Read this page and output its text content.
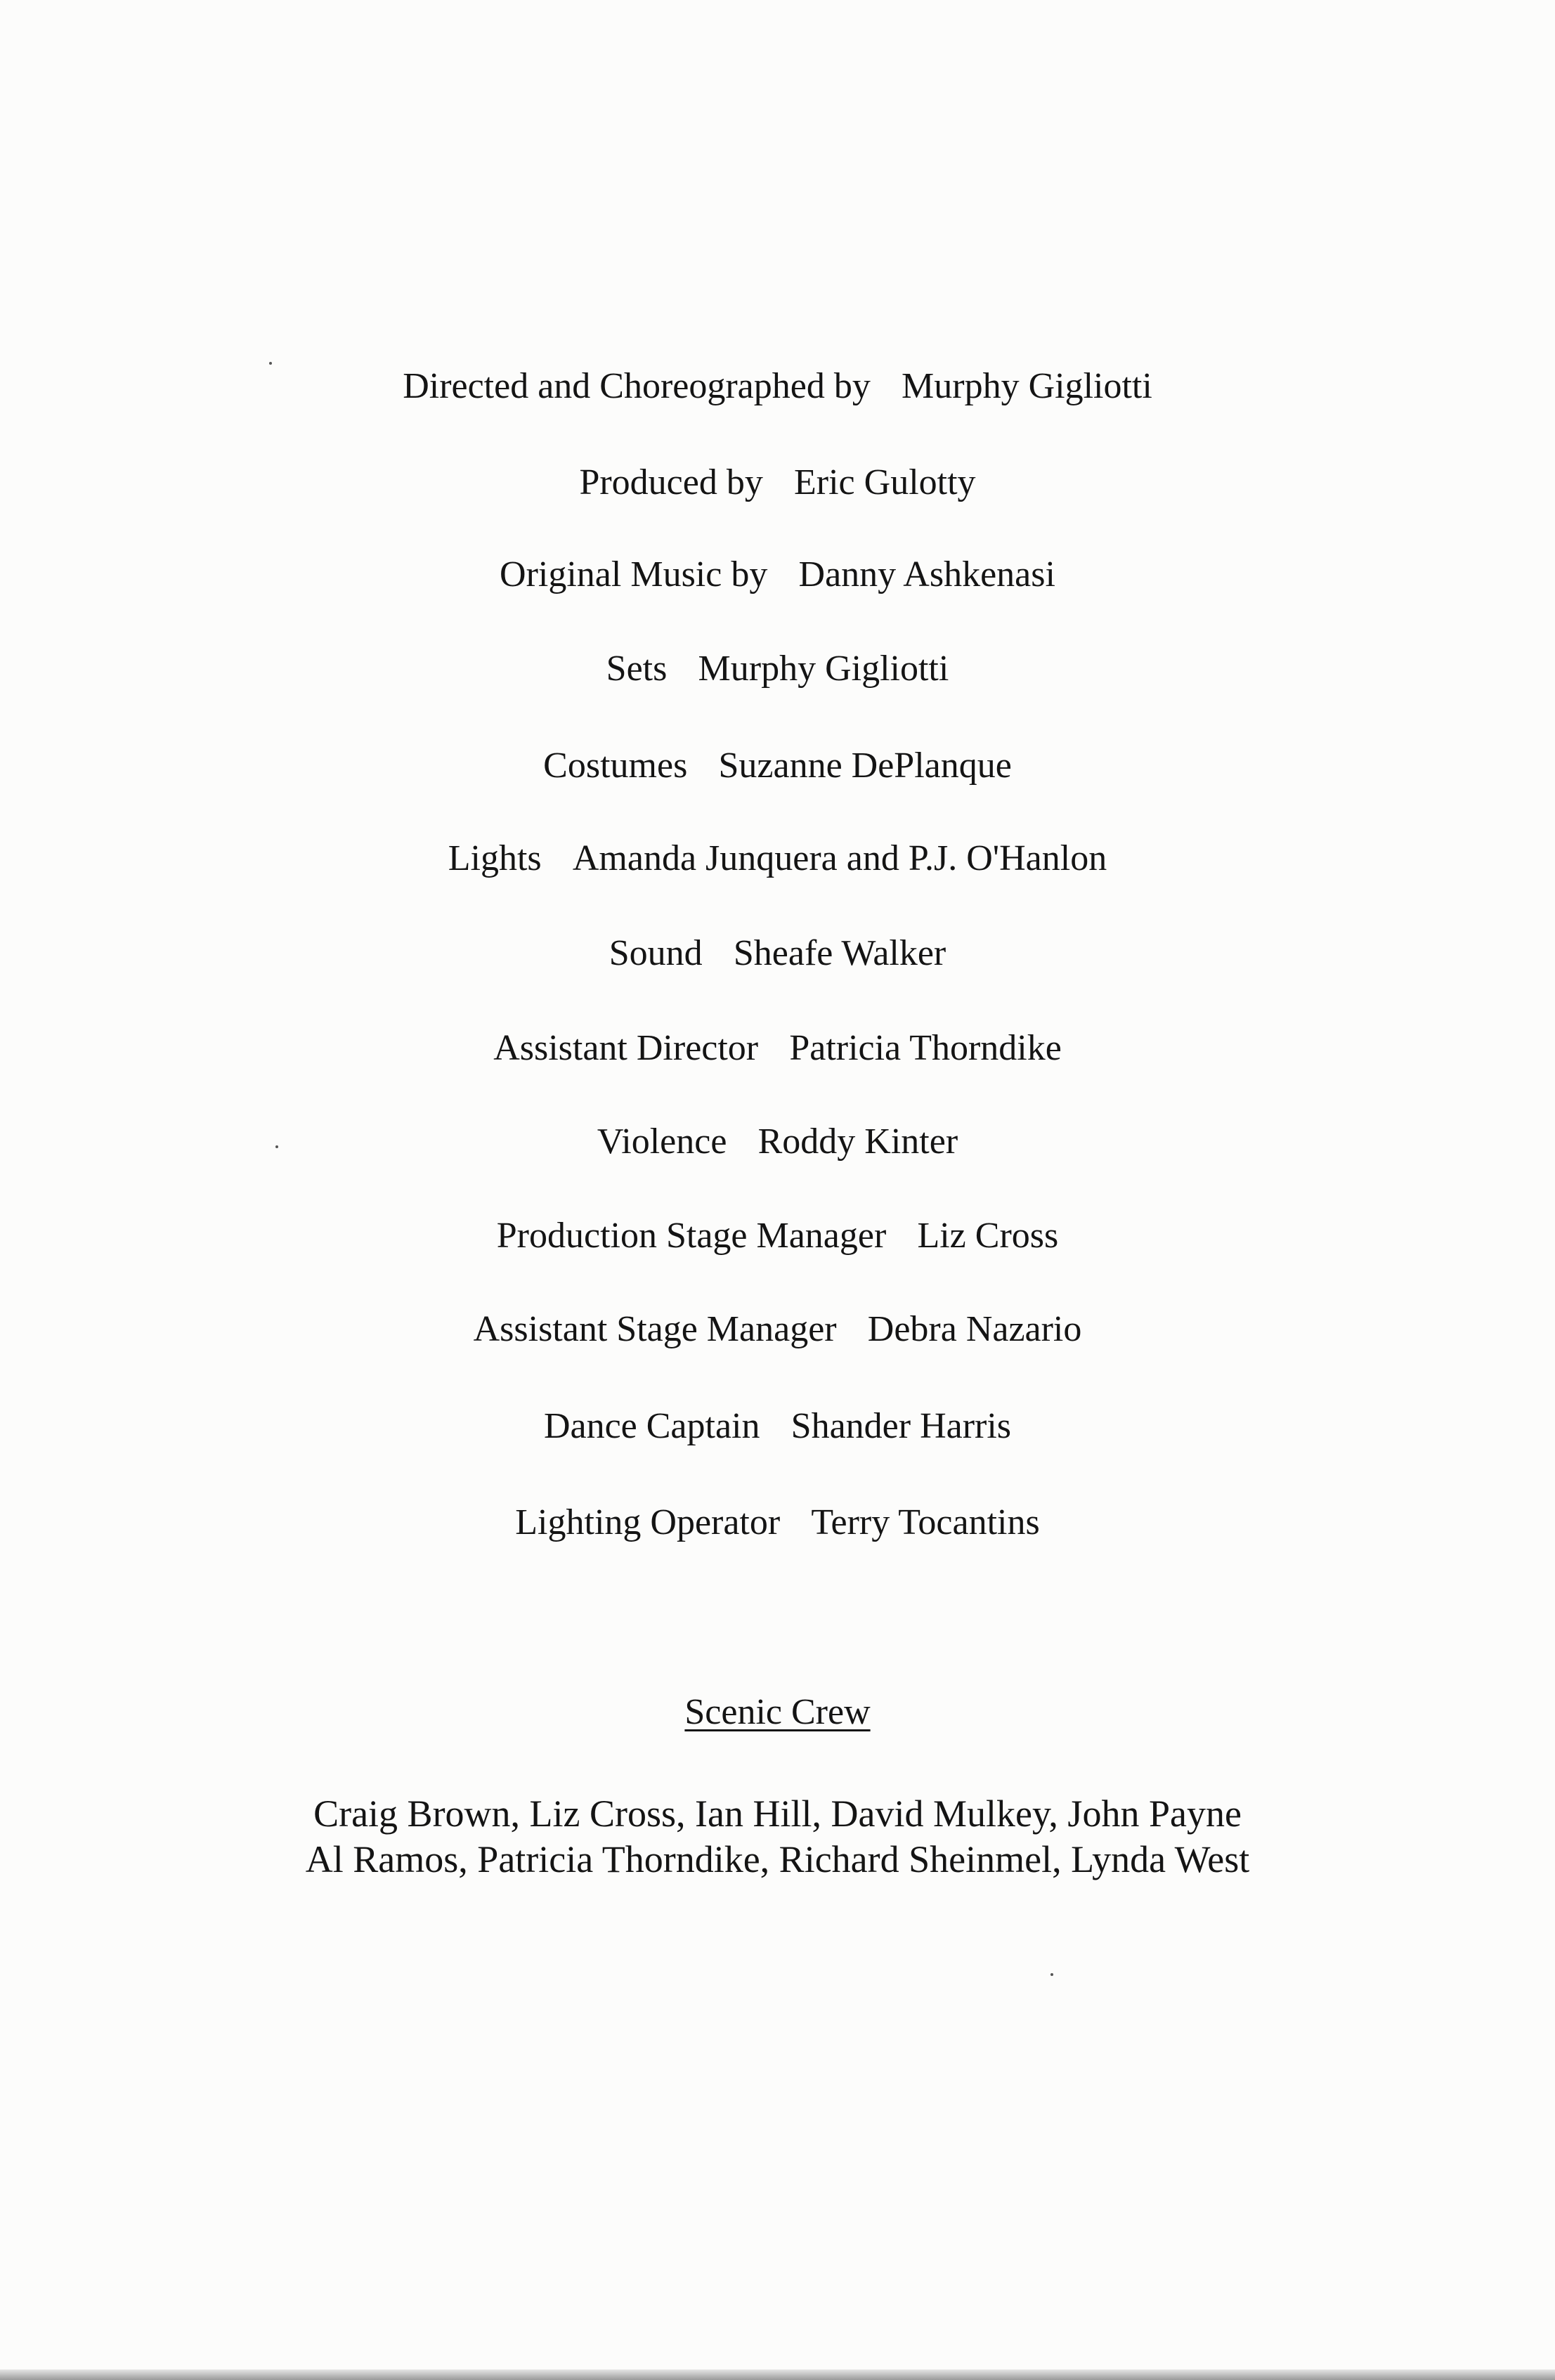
Directed and Choreographed by Murphy Gigliotti
Produced by Eric Gulotty
Original Music by Danny Ashkenasi
Sets Murphy Gigliotti
Costumes Suzanne DePlanque
Lights Amanda Junquera and P.J. O'Hanlon
Sound Sheafe Walker
Assistant Director Patricia Thorndike
Violence Roddy Kinter
Production Stage Manager Liz Cross
Assistant Stage Manager Debra Nazario
Dance Captain Shander Harris
Lighting Operator Terry Tocantins
Scenic Crew
Craig Brown, Liz Cross, Ian Hill, David Mulkey, John Payne
Al Ramos, Patricia Thorndike, Richard Sheinmel, Lynda West
